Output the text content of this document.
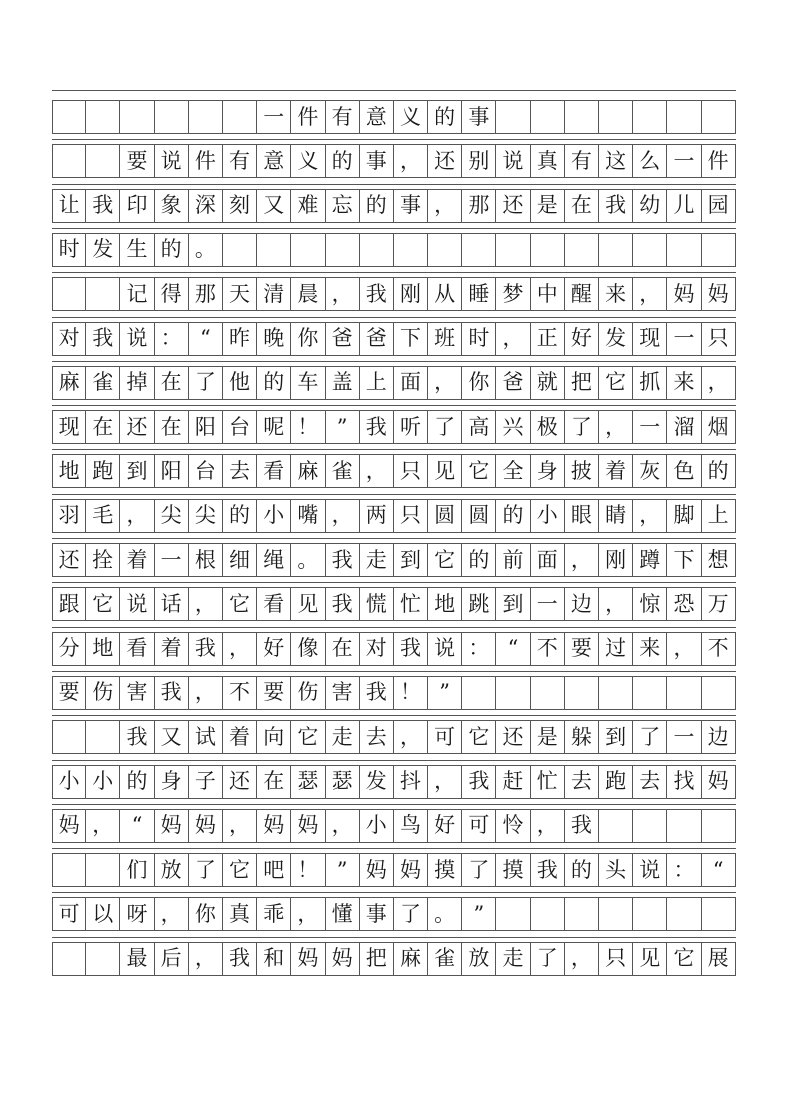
一 件 有 意 义 的 事
要 说 件 有 意 义 的 事 ， 还 别 说 真 有 这 么 一 件
让 我 印 象 深 刻 又 难 忘 的 事 ， 那 还 是 在 我 幼 儿 园
时 发 生 的 。
记 得 那 天 清 晨 ， 我 刚 从 睡 梦 中 醒 来 ， 妈 妈
对 我 说 ： “ 昨 晚 你 爸 爸 下 班 时 ， 正 好 发 现 一 只
麻 雀 掉 在 了 他 的 车 盖 上 面 ， 你 爸 就 把 它 抓 来 ，
现 在 还 在 阳 台 呢 ！ ” 我 听 了 高 兴 极 了 ， 一 溜 烟
地 跑 到 阳 台 去 看 麻 雀 ， 只 见 它 全 身 披 着 灰 色 的
羽 毛 ， 尖 尖 的 小 嘴 ， 两 只 圆 圆 的 小 眼 睛 ， 脚 上
还 拴 着 一 根 细 绳 。 我 走 到 它 的 前 面 ， 刚 蹲 下 想
跟 它 说 话 ， 它 看 见 我 慌 忙 地 跳 到 一 边 ， 惊 恐 万
分 地 看 着 我 ， 好 像 在 对 我 说 ： “ 不 要 过 来 ， 不
要 伤 害 我 ， 不 要 伤 害 我 ！ ”
我 又 试 着 向 它 走 去 ， 可 它 还 是 躲 到 了 一 边
小 小 的 身 子 还 在 瑟 瑟 发 抖 ， 我 赶 忙 去 跑 去 找 妈
妈 ， “ 妈 妈 ， 妈 妈 ， 小 鸟 好 可 怜 ， 我
们 放 了 它 吧 ！ ” 妈 妈 摸 了 摸 我 的 头 说 ： “
可 以 呀 ， 你 真 乖 ， 懂 事 了 。 ”
最 后 ， 我 和 妈 妈 把 麻 雀 放 走 了 ， 只 见 它 展
